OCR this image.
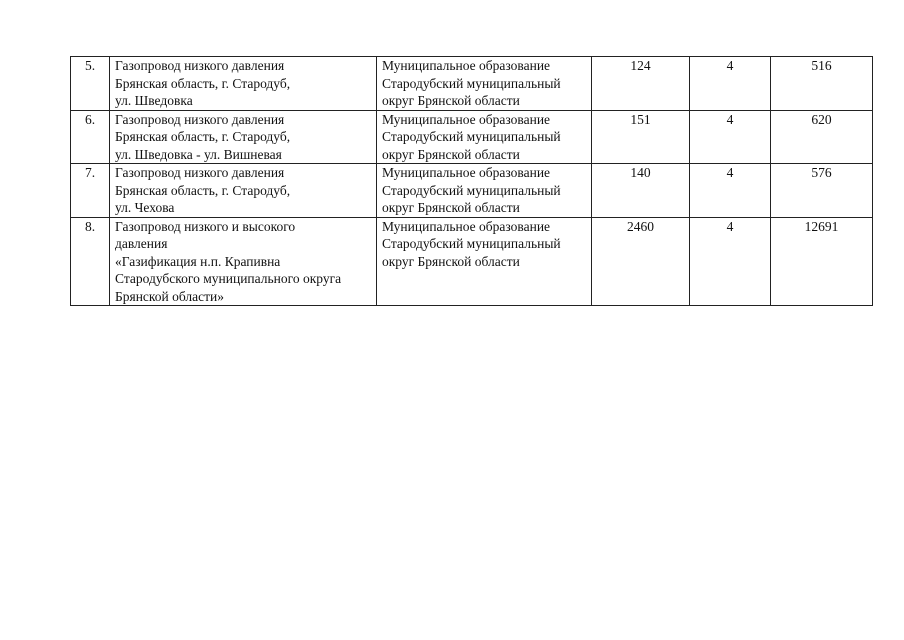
5.	Газопровод низкого давления
Брянская область, г. Стародуб,
ул. Шведовка	Муниципальное образование
Стародубский муниципальный
округ Брянской области	124	4	516
6.	Газопровод низкого давления
Брянская область, г. Стародуб,
ул. Шведовка - ул. Вишневая	Муниципальное образование
Стародубский муниципальный
округ Брянской области	151	4	620
7.	Газопровод низкого давления
Брянская область, г. Стародуб,
ул. Чехова	Муниципальное образование
Стародубский муниципальный
округ Брянской области	140	4	576
8.	Газопровод низкого и высокого
давления
«Газификация н.п. Крапивна
Стародубского муниципального округа
Брянской области»	Муниципальное образование
Стародубский муниципальный
округ Брянской области	2460	4	12691
